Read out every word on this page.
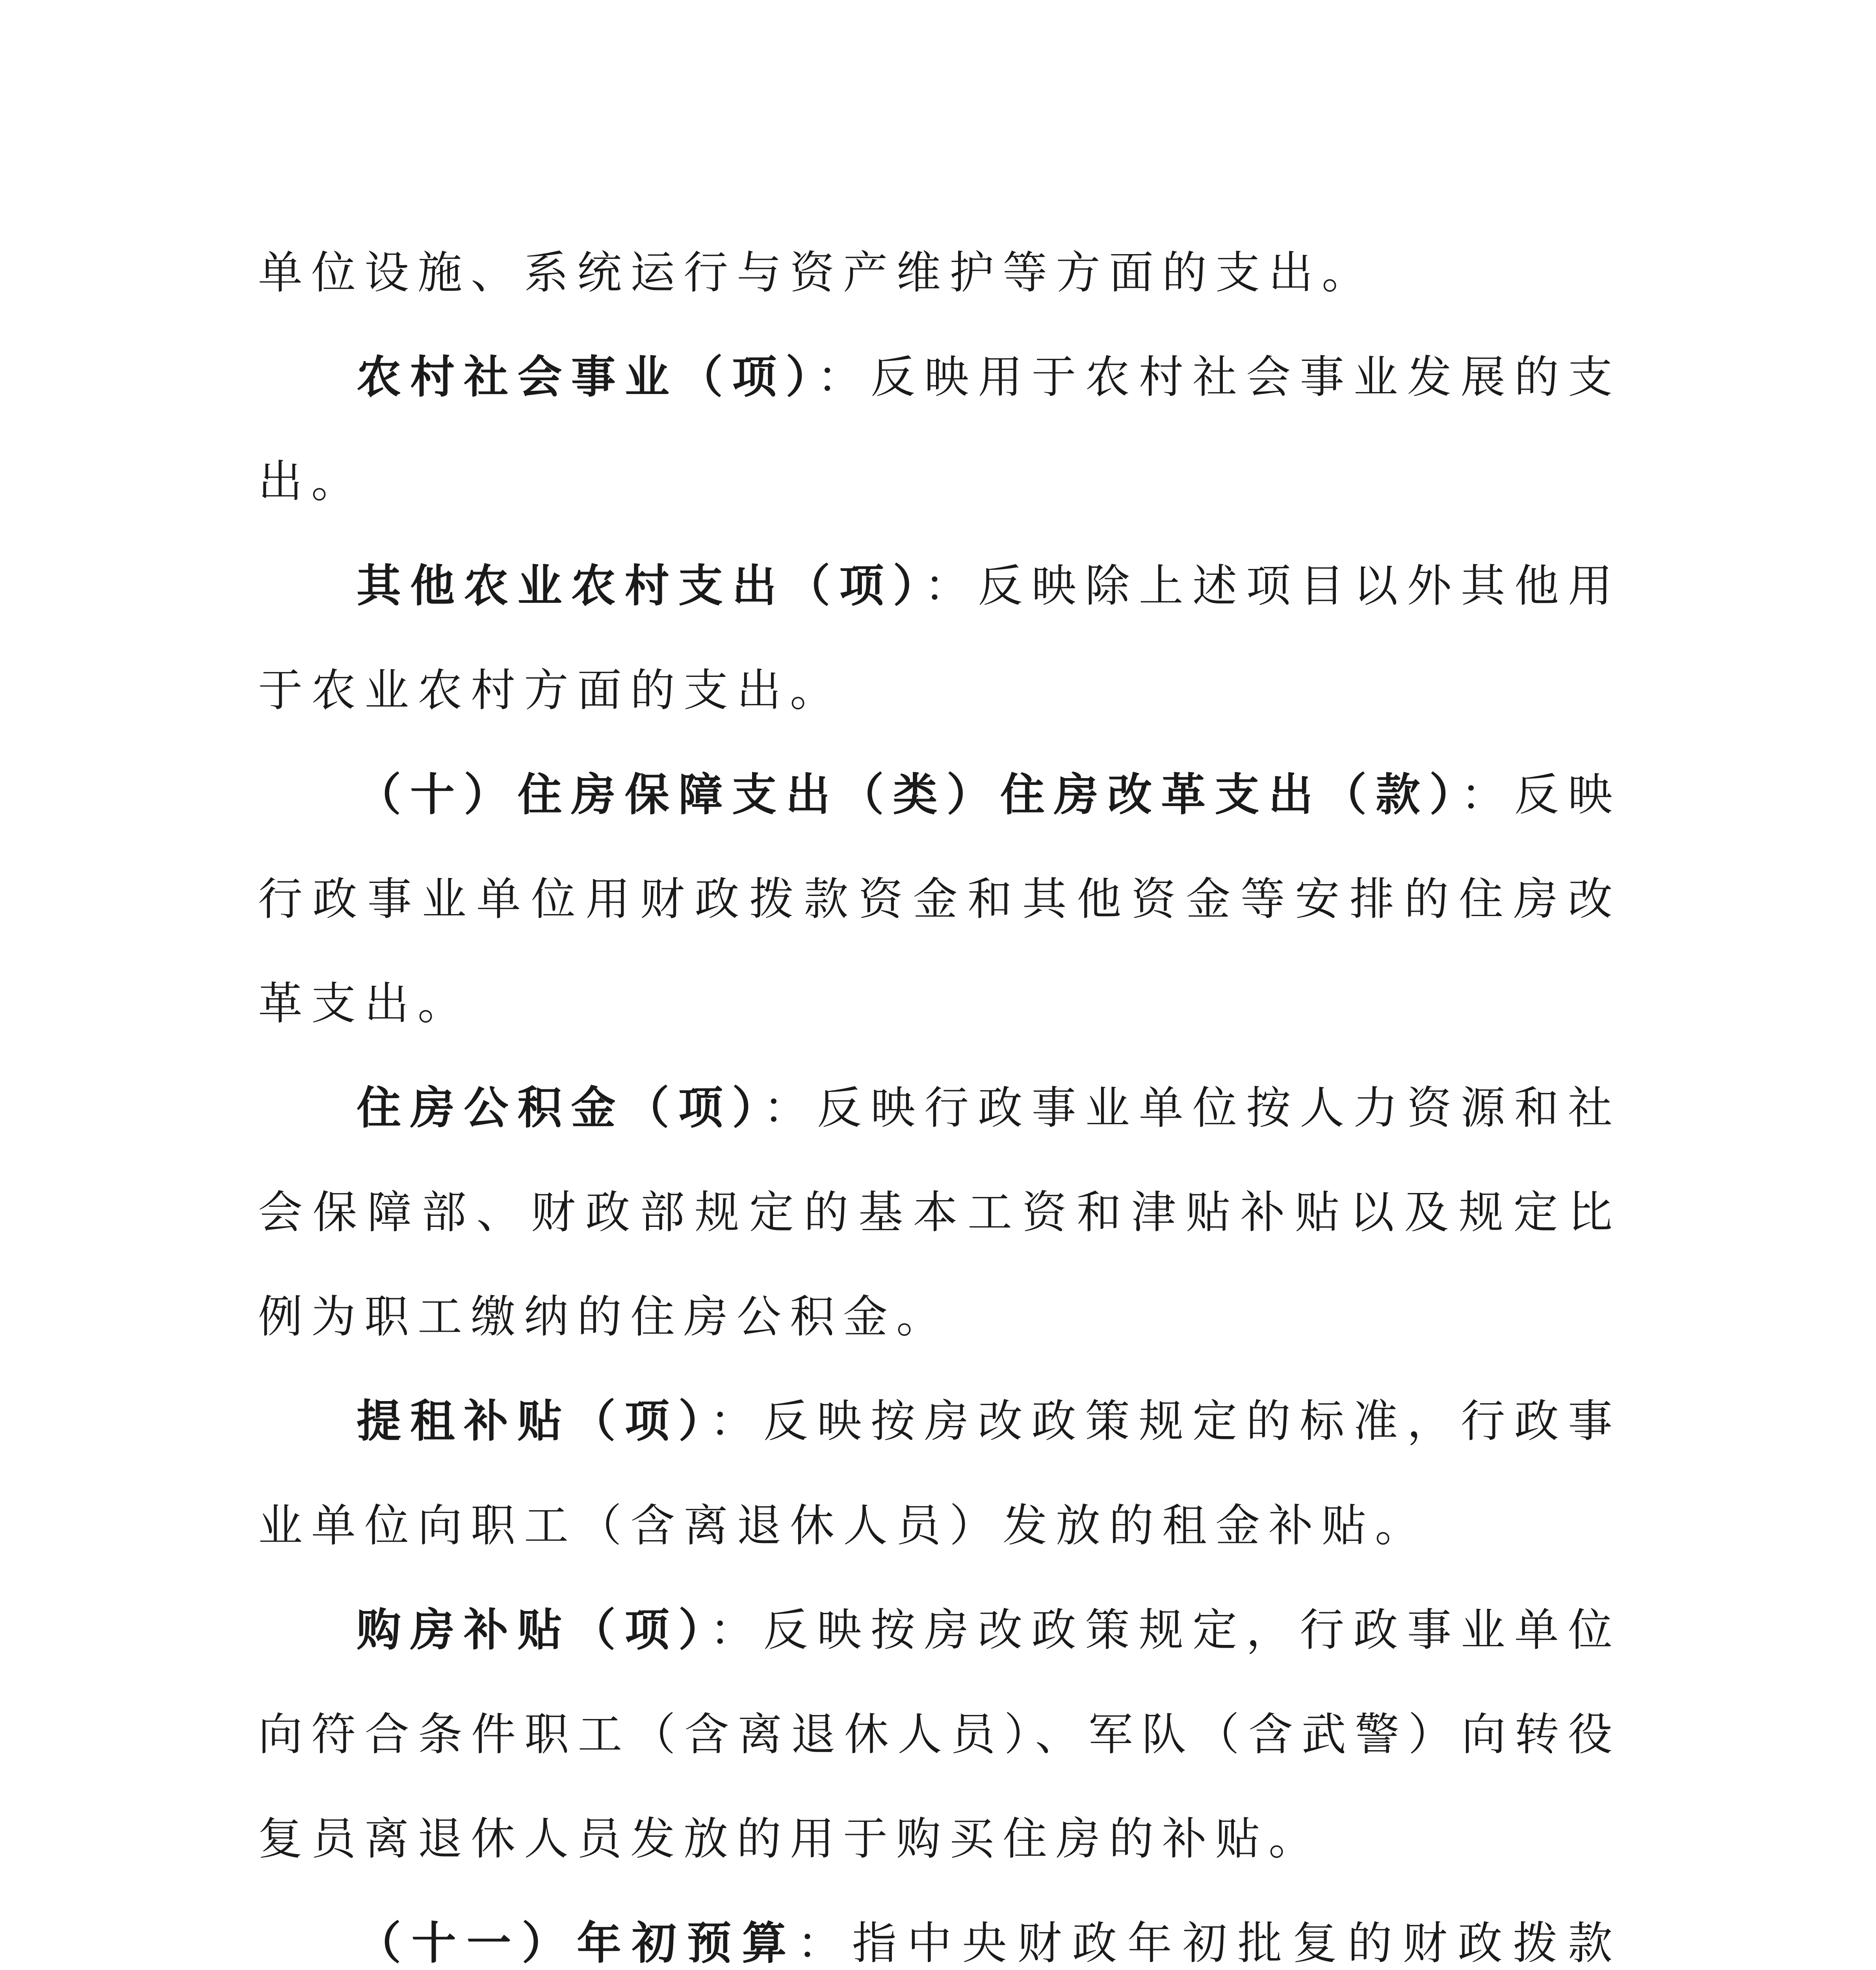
单位设施、系统运行与资产维护等方面的支出。

农村社会事业（项）：反映用于农村社会事业发展的支出。

其他农业农村支出（项）：反映除上述项目以外其他用于农业农村方面的支出。

（十）住房保障支出（类）住房改革支出（款）：反映行政事业单位用财政拨款资金和其他资金等安排的住房改革支出。

住房公积金（项）：反映行政事业单位按人力资源和社会保障部、财政部规定的基本工资和津贴补贴以及规定比例为职工缴纳的住房公积金。

提租补贴（项）：反映按房改政策规定的标准，行政事业单位向职工（含离退休人员）发放的租金补贴。

购房补贴（项）：反映按房改政策规定，行政事业单位向符合条件职工（含离退休人员）、军队（含武警）向转役复员离退休人员发放的用于购买住房的补贴。

（十一）年初预算：指中央财政年初批复的财政拨款
